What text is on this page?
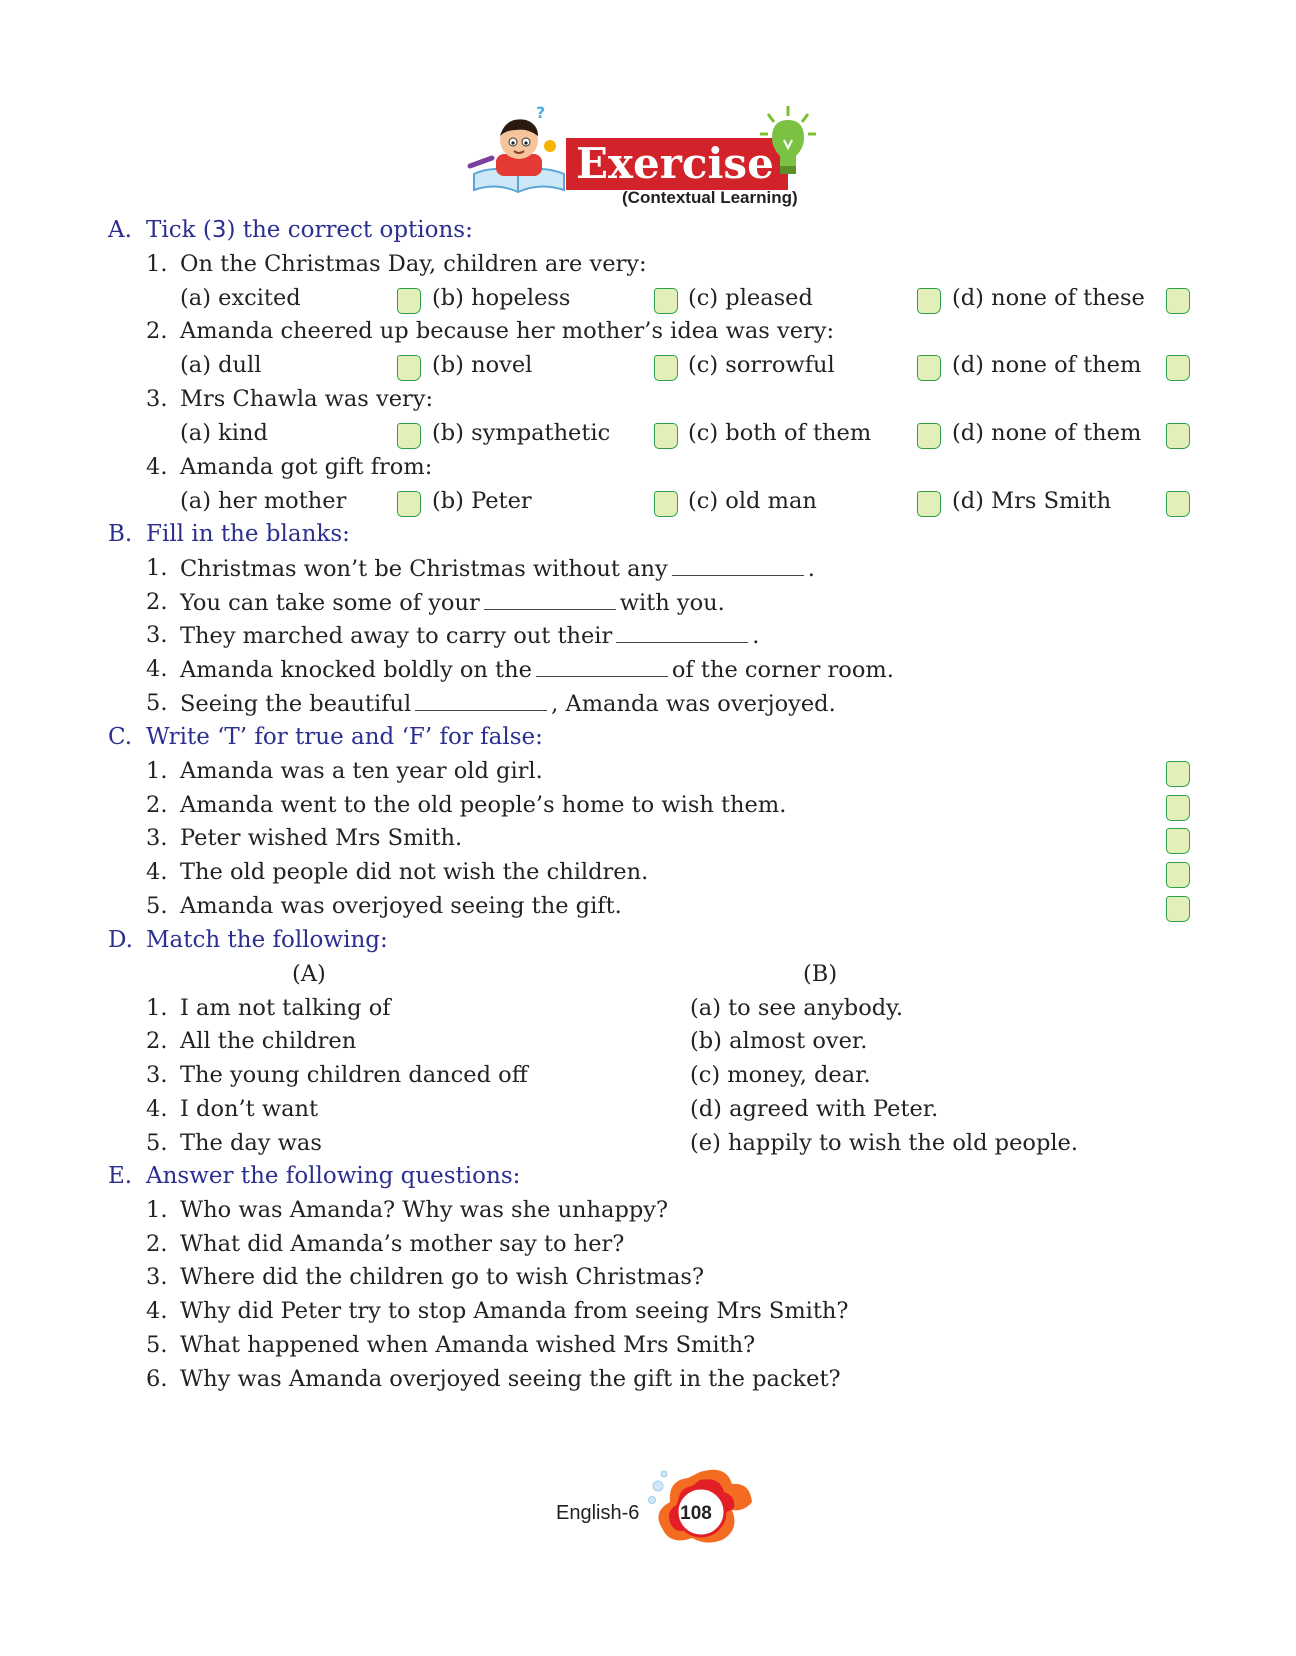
?
Exercise
(Contextual Learning)
A. Tick (3) the correct options:
1. On the Christmas Day, children are very:
(a) excited	(b) hopeless	(c) pleased	(d) none of these
2. Amanda cheered up because her mother’s idea was very:
(a) dull	(b) novel	(c) sorrowful	(d) none of them
3. Mrs Chawla was very:
(a) kind	(b) sympathetic	(c) both of them	(d) none of them
4. Amanda got gift from:
(a) her mother	(b) Peter	(c) old man	(d) Mrs Smith
B. Fill in the blanks:
1. Christmas won’t be Christmas without any	.
2. You can take some of your	with you.
3. They marched away to carry out their	.
4. Amanda knocked boldly on the	of the corner room.
5. Seeing the beautiful	, Amanda was overjoyed.
C. Write ‘T’ for true and ‘F’ for false:
1. Amanda was a ten year old girl.
2. Amanda went to the old people’s home to wish them.
3. Peter wished Mrs Smith.
4. The old people did not wish the children.
5. Amanda was overjoyed seeing the gift.
D. Match the following:
(A)	(B)
1. I am not talking of	(a) to see anybody.
2. All the children	(b) almost over.
3. The young children danced off	(c) money, dear.
4. I don’t want	(d) agreed with Peter.
5. The day was	(e) happily to wish the old people.
E. Answer the following questions:
1. Who was Amanda? Why was she unhappy?
2. What did Amanda’s mother say to her?
3. Where did the children go to wish Christmas?
4. Why did Peter try to stop Amanda from seeing Mrs Smith?
5. What happened when Amanda wished Mrs Smith?
6. Why was Amanda overjoyed seeing the gift in the packet?
English-6	108
